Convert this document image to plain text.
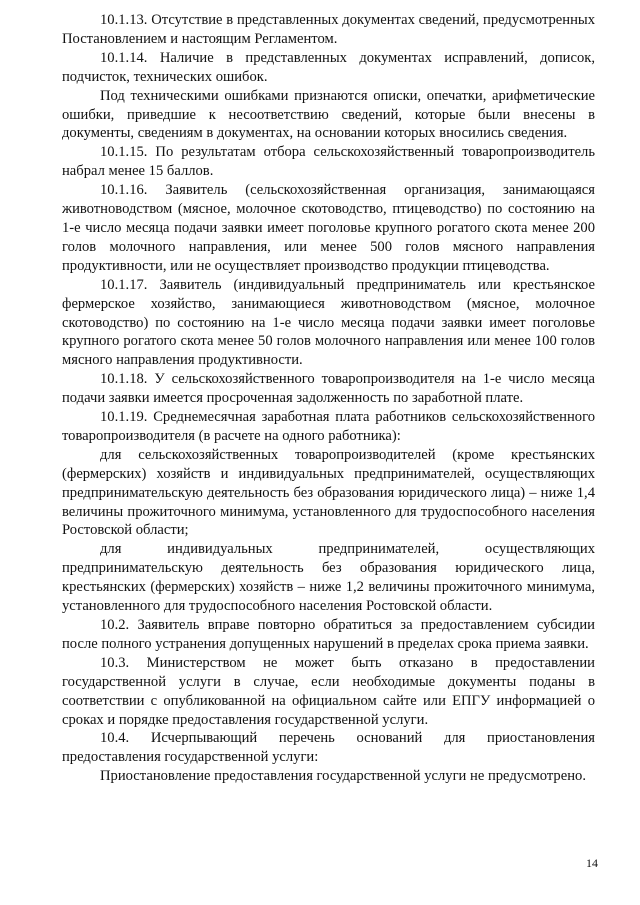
10.1.13. Отсутствие в представленных документах сведений, предусмотренных Постановлением и настоящим Регламентом.

10.1.14. Наличие в представленных документах исправлений, дописок, подчисток, технических ошибок.

Под техническими ошибками признаются описки, опечатки, арифметические ошибки, приведшие к несоответствию сведений, которые были внесены в документы, сведениям в документах, на основании которых вносились сведения.

10.1.15. По результатам отбора сельскохозяйственный товаропроизводитель набрал менее 15 баллов.

10.1.16. Заявитель (сельскохозяйственная организация, занимающаяся животноводством (мясное, молочное скотоводство, птицеводство) по состоянию на 1-е число месяца подачи заявки имеет поголовье крупного рогатого скота менее 200 голов молочного направления, или менее 500 голов мясного направления продуктивности, или не осуществляет производство продукции птицеводства.

10.1.17. Заявитель (индивидуальный предприниматель или крестьянское фермерское хозяйство, занимающиеся животноводством (мясное, молочное скотоводство) по состоянию на 1-е число месяца подачи заявки имеет поголовье крупного рогатого скота менее 50 голов молочного направления или менее 100 голов мясного направления продуктивности.

10.1.18. У сельскохозяйственного товаропроизводителя на 1-е число месяца подачи заявки имеется просроченная задолженность по заработной плате.

10.1.19. Среднемесячная заработная плата работников сельскохозяйственного товаропроизводителя (в расчете на одного работника):

для сельскохозяйственных товаропроизводителей (кроме крестьянских (фермерских) хозяйств и индивидуальных предпринимателей, осуществляющих предпринимательскую деятельность без образования юридического лица) – ниже 1,4 величины прожиточного минимума, установленного для трудоспособного населения Ростовской области;

для индивидуальных предпринимателей, осуществляющих предпринимательскую деятельность без образования юридического лица, крестьянских (фермерских) хозяйств – ниже 1,2 величины прожиточного минимума, установленного для трудоспособного населения Ростовской области.

10.2. Заявитель вправе повторно обратиться за предоставлением субсидии после полного устранения допущенных нарушений в пределах срока приема заявки.

10.3. Министерством не может быть отказано в предоставлении государственной услуги в случае, если необходимые документы поданы в соответствии с опубликованной на официальном сайте или ЕПГУ информацией о сроках и порядке предоставления государственной услуги.

10.4. Исчерпывающий перечень оснований для приостановления предоставления государственной услуги:

Приостановление предоставления государственной услуги не предусмотрено.

14
